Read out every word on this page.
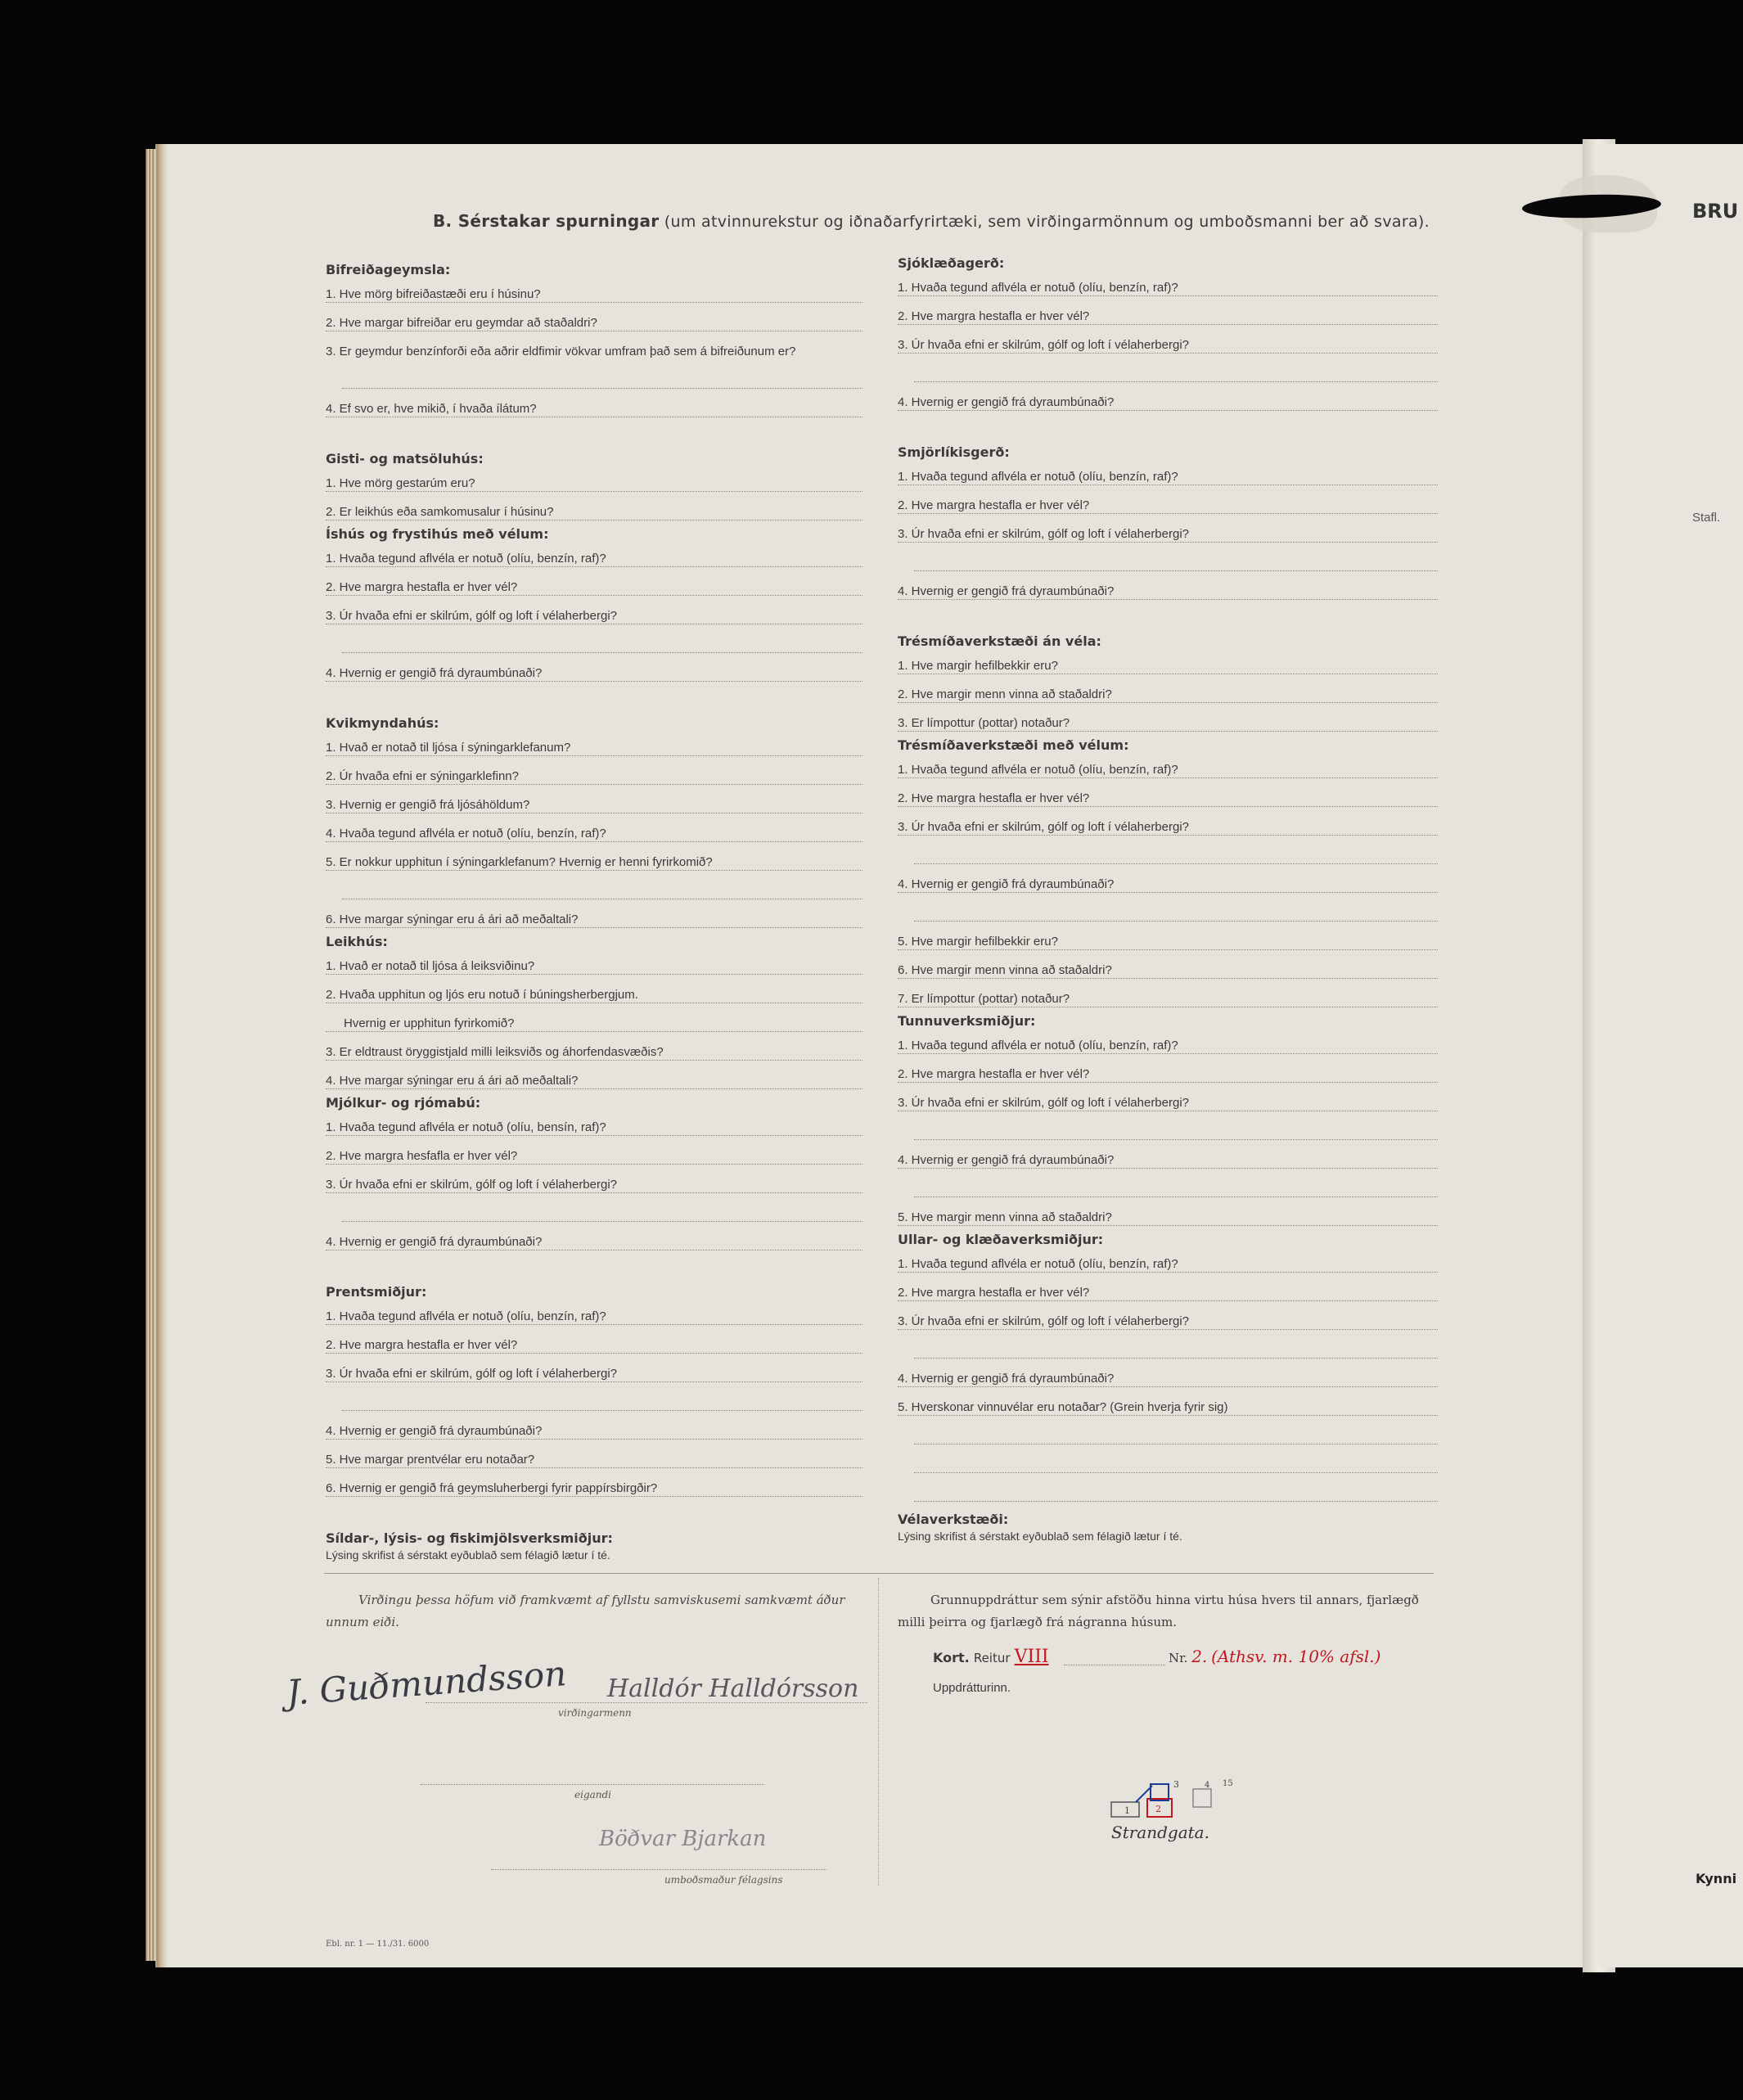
BRU
Stafl.
Kynni
B. Sérstakar spurningar (um atvinnurekstur og iðnaðarfyrirtæki, sem virðingarmönnum og umboðsmanni ber að svara).
Bifreiðageymsla:
1. Hve mörg bifreiðastæði eru í húsinu?
2. Hve margar bifreiðar eru geymdar að staðaldri?
3. Er geymdur benzínforði eða aðrir eldfimir vökvar umfram það sem á bifreiðunum er?
4. Ef svo er, hve mikið, í hvaða ílátum?
Gisti- og matsöluhús:
1. Hve mörg gestarúm eru?
2. Er leikhús eða samkomusalur í húsinu?
Íshús og frystihús með vélum:
1. Hvaða tegund aflvéla er notuð (olíu, benzín, raf)?
2. Hve margra hestafla er hver vél?
3. Úr hvaða efni er skilrúm, gólf og loft í vélaherbergi?
4. Hvernig er gengið frá dyraumbúnaði?
Kvikmyndahús:
1. Hvað er notað til ljósa í sýningarklefanum?
2. Úr hvaða efni er sýningarklefinn?
3. Hvernig er gengið frá ljósáhöldum?
4. Hvaða tegund aflvéla er notuð (olíu, benzín, raf)?
5. Er nokkur upphitun í sýningarklefanum? Hvernig er henni fyrirkomið?
6. Hve margar sýningar eru á ári að meðaltali?
Leikhús:
1. Hvað er notað til ljósa á leiksviðinu?
2. Hvaða upphitun og ljós eru notuð í búningsherbergjum.
Hvernig er upphitun fyrirkomið?
3. Er eldtraust öryggistjald milli leiksviðs og áhorfendasvæðis?
4. Hve margar sýningar eru á ári að meðaltali?
Mjólkur- og rjómabú:
1. Hvaða tegund aflvéla er notuð (olíu, bensín, raf)?
2. Hve margra hesfafla er hver vél?
3. Úr hvaða efni er skilrúm, gólf og loft í vélaherbergi?
4. Hvernig er gengið frá dyraumbúnaði?
Prentsmiðjur:
1. Hvaða tegund aflvéla er notuð (olíu, benzín, raf)?
2. Hve margra hestafla er hver vél?
3. Úr hvaða efni er skilrúm, gólf og loft í vélaherbergi?
4. Hvernig er gengið frá dyraumbúnaði?
5. Hve margar prentvélar eru notaðar?
6. Hvernig er gengið frá geymsluherbergi fyrir pappírsbirgðir?
Síldar-, lýsis- og fiskimjölsverksmiðjur:
Lýsing skrifist á sérstakt eyðublað sem félagið lætur í té.
Sjóklæðagerð:
1. Hvaða tegund aflvéla er notuð (olíu, benzín, raf)?
2. Hve margra hestafla er hver vél?
3. Úr hvaða efni er skilrúm, gólf og loft í vélaherbergi?
4. Hvernig er gengið frá dyraumbúnaði?
Smjörlíkisgerð:
1. Hvaða tegund aflvéla er notuð (olíu, benzín, raf)?
2. Hve margra hestafla er hver vél?
3. Úr hvaða efni er skilrúm, gólf og loft í vélaherbergi?
4. Hvernig er gengið frá dyraumbúnaði?
Trésmíðaverkstæði án véla:
1. Hve margir hefilbekkir eru?
2. Hve margir menn vinna að staðaldri?
3. Er límpottur (pottar) notaður?
Trésmíðaverkstæði með vélum:
1. Hvaða tegund aflvéla er notuð (olíu, benzín, raf)?
2. Hve margra hestafla er hver vél?
3. Úr hvaða efni er skilrúm, gólf og loft í vélaherbergi?
4. Hvernig er gengið frá dyraumbúnaði?
5. Hve margir hefilbekkir eru?
6. Hve margir menn vinna að staðaldri?
7. Er límpottur (pottar) notaður?
Tunnuverksmiðjur:
1. Hvaða tegund aflvéla er notuð (olíu, benzín, raf)?
2. Hve margra hestafla er hver vél?
3. Úr hvaða efni er skilrúm, gólf og loft í vélaherbergi?
4. Hvernig er gengið frá dyraumbúnaði?
5. Hve margir menn vinna að staðaldri?
Ullar- og klæðaverksmiðjur:
1. Hvaða tegund aflvéla er notuð (olíu, benzín, raf)?
2. Hve margra hestafla er hver vél?
3. Úr hvaða efni er skilrúm, gólf og loft í vélaherbergi?
4. Hvernig er gengið frá dyraumbúnaði?
5. Hverskonar vinnuvélar eru notaðar? (Grein hverja fyrir sig)
Vélaverkstæði:
Lýsing skrifist á sérstakt eyðublað sem félagið lætur í té.
Virðingu þessa höfum við framkvæmt af fyllstu samviskusemi samkvæmt áður unnum eiði.
Grunnuppdráttur sem sýnir afstöðu hinna virtu húsa hvers til annars, fjarlægð milli þeirra og fjarlægð frá nágranna húsum.
Kort. Reitur VIII	Nr. 2. (Athsv. m. 10% afsl.)
Uppdrátturinn.
J. Guðmundsson Halldór Halldórsson
virðingarmenn
eigandi
Böðvar Bjarkan
umboðsmaður félagsins
1	2
3	4 15
Strandgata.
Ebl. nr. 1 — 11./31. 6000
